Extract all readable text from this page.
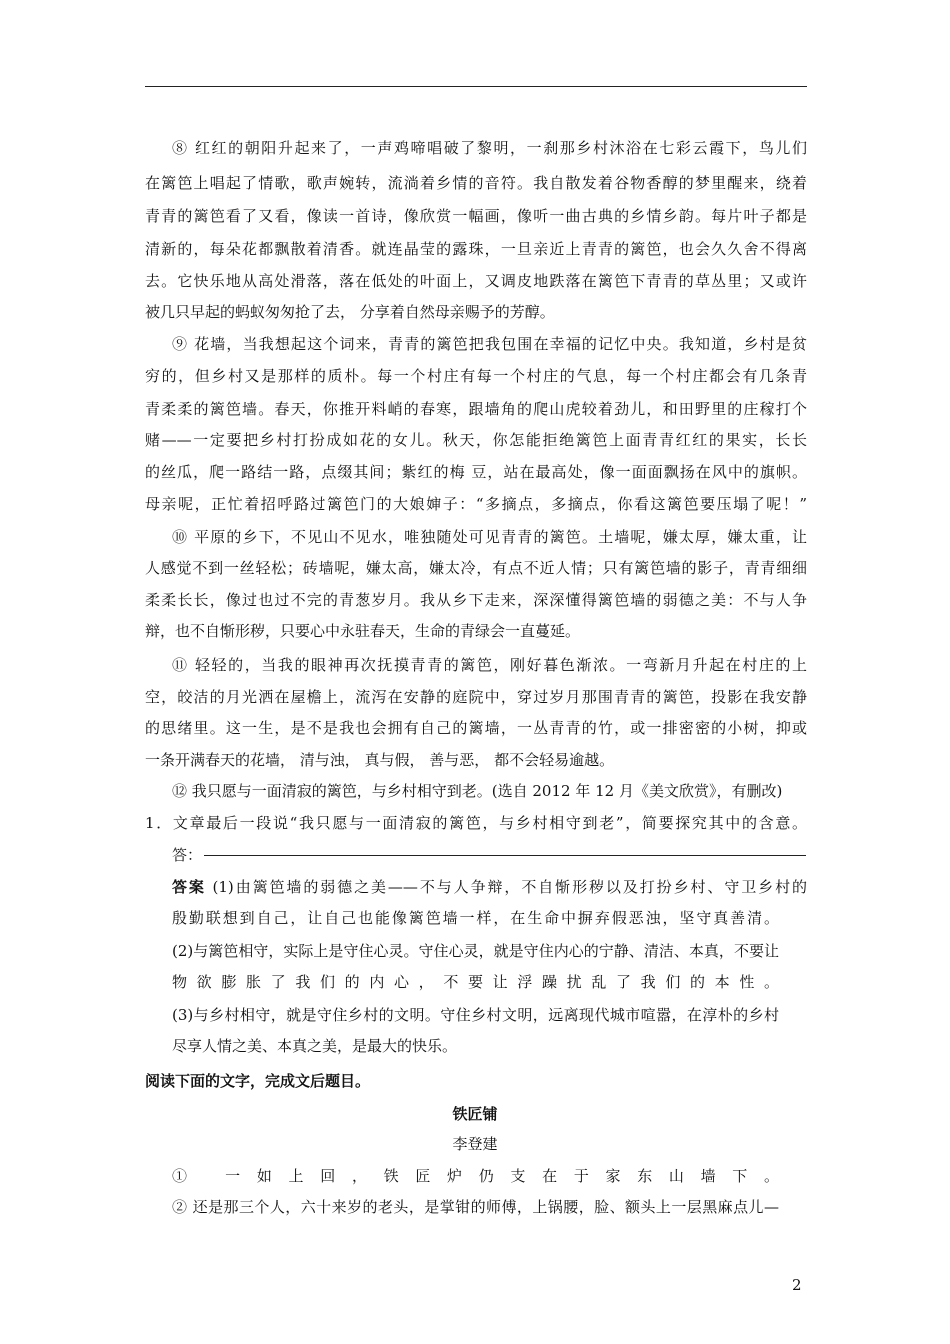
⑧ 红红的朝阳升起来了，一声鸡啼唱破了黎明，一刹那乡村沐浴在七彩云霞下，鸟儿们
在篱笆上唱起了情歌，歌声婉转，流淌着乡情的音符。我自散发着谷物香醇的梦里醒来，绕着
青青的篱笆看了又看，像读一首诗，像欣赏一幅画，像听一曲古典的乡情乡韵。每片叶子都是
清新的，每朵花都飘散着清香。就连晶莹的露珠，一旦亲近上青青的篱笆，也会久久舍不得离
去。它快乐地从高处滑落，落在低处的叶面上，又调皮地跌落在篱笆下青青的草丛里；又或许
被几只早起的蚂蚁匆匆抢了去， 分享着自然母亲赐予的芳醇。
⑨ 花墙，当我想起这个词来，青青的篱笆把我包围在幸福的记忆中央。我知道，乡村是贫
穷的，但乡村又是那样的质朴。每一个村庄有每一个村庄的气息，每一个村庄都会有几条青
青柔柔的篱笆墙。春天，你推开料峭的春寒，跟墙角的爬山虎较着劲儿，和田野里的庄稼打个
赌——一定要把乡村打扮成如花的女儿。秋天，你怎能拒绝篱笆上面青青红红的果实，长长
的丝瓜，爬一路结一路，点缀其间；紫红的梅 豆，站在最高处，像一面面飘扬在风中的旗帜。
母亲呢，正忙着招呼路过篱笆门的大娘婶子：“多摘点，多摘点，你看这篱笆要压塌了呢！”
⑩ 平原的乡下，不见山不见水，唯独随处可见青青的篱笆。土墙呢，嫌太厚，嫌太重，让
人感觉不到一丝轻松；砖墙呢，嫌太高，嫌太冷，有点不近人情；只有篱笆墙的影子，青青细细
柔柔长长，像过也过不完的青葱岁月。我从乡下走来，深深懂得篱笆墙的弱德之美：不与人争
辩，也不自惭形秽，只要心中永驻春天，生命的青绿会一直蔓延。
⑪ 轻轻的，当我的眼神再次抚摸青青的篱笆，刚好暮色渐浓。一弯新月升起在村庄的上
空，皎洁的月光洒在屋檐上，流泻在安静的庭院中，穿过岁月那围青青的篱笆，投影在我安静
的思绪里。这一生，是不是我也会拥有自己的篱墙，一丛青青的竹，或一排密密的小树，抑或
一条开满春天的花墙， 清与浊， 真与假， 善与恶， 都不会轻易逾越。
⑫ 我只愿与一面清寂的篱笆，与乡村相守到老。(选自 2012 年 12 月《美文欣赏》，有删改)
1．文章最后一段说“我只愿与一面清寂的篱笆，与乡村相守到老”，简要探究其中的含意。
答：
答案 (1)由篱笆墙的弱德之美——不与人争辩，不自惭形秽以及打扮乡村、守卫乡村的
殷勤联想到自己，让自己也能像篱笆墙一样，在生命中摒弃假恶浊，坚守真善清。
(2)与篱笆相守，实际上是守住心灵。守住心灵，就是守住内心的宁静、清洁、本真，不要让
物欲膨胀了我们的内心，不要让浮躁扰乱了我们的本性。
(3)与乡村相守，就是守住乡村的文明。守住乡村文明，远离现代城市喧嚣，在淳朴的乡村
尽享人情之美、本真之美，是最大的快乐。
阅读下面的文字，完成文后题目。
铁匠铺
李登建
① 一如上回，铁匠炉仍支在于家东山墙下。
② 还是那三个人，六十来岁的老头，是掌钳的师傅，上锅腰，脸、额头上一层黑麻点儿—
2
